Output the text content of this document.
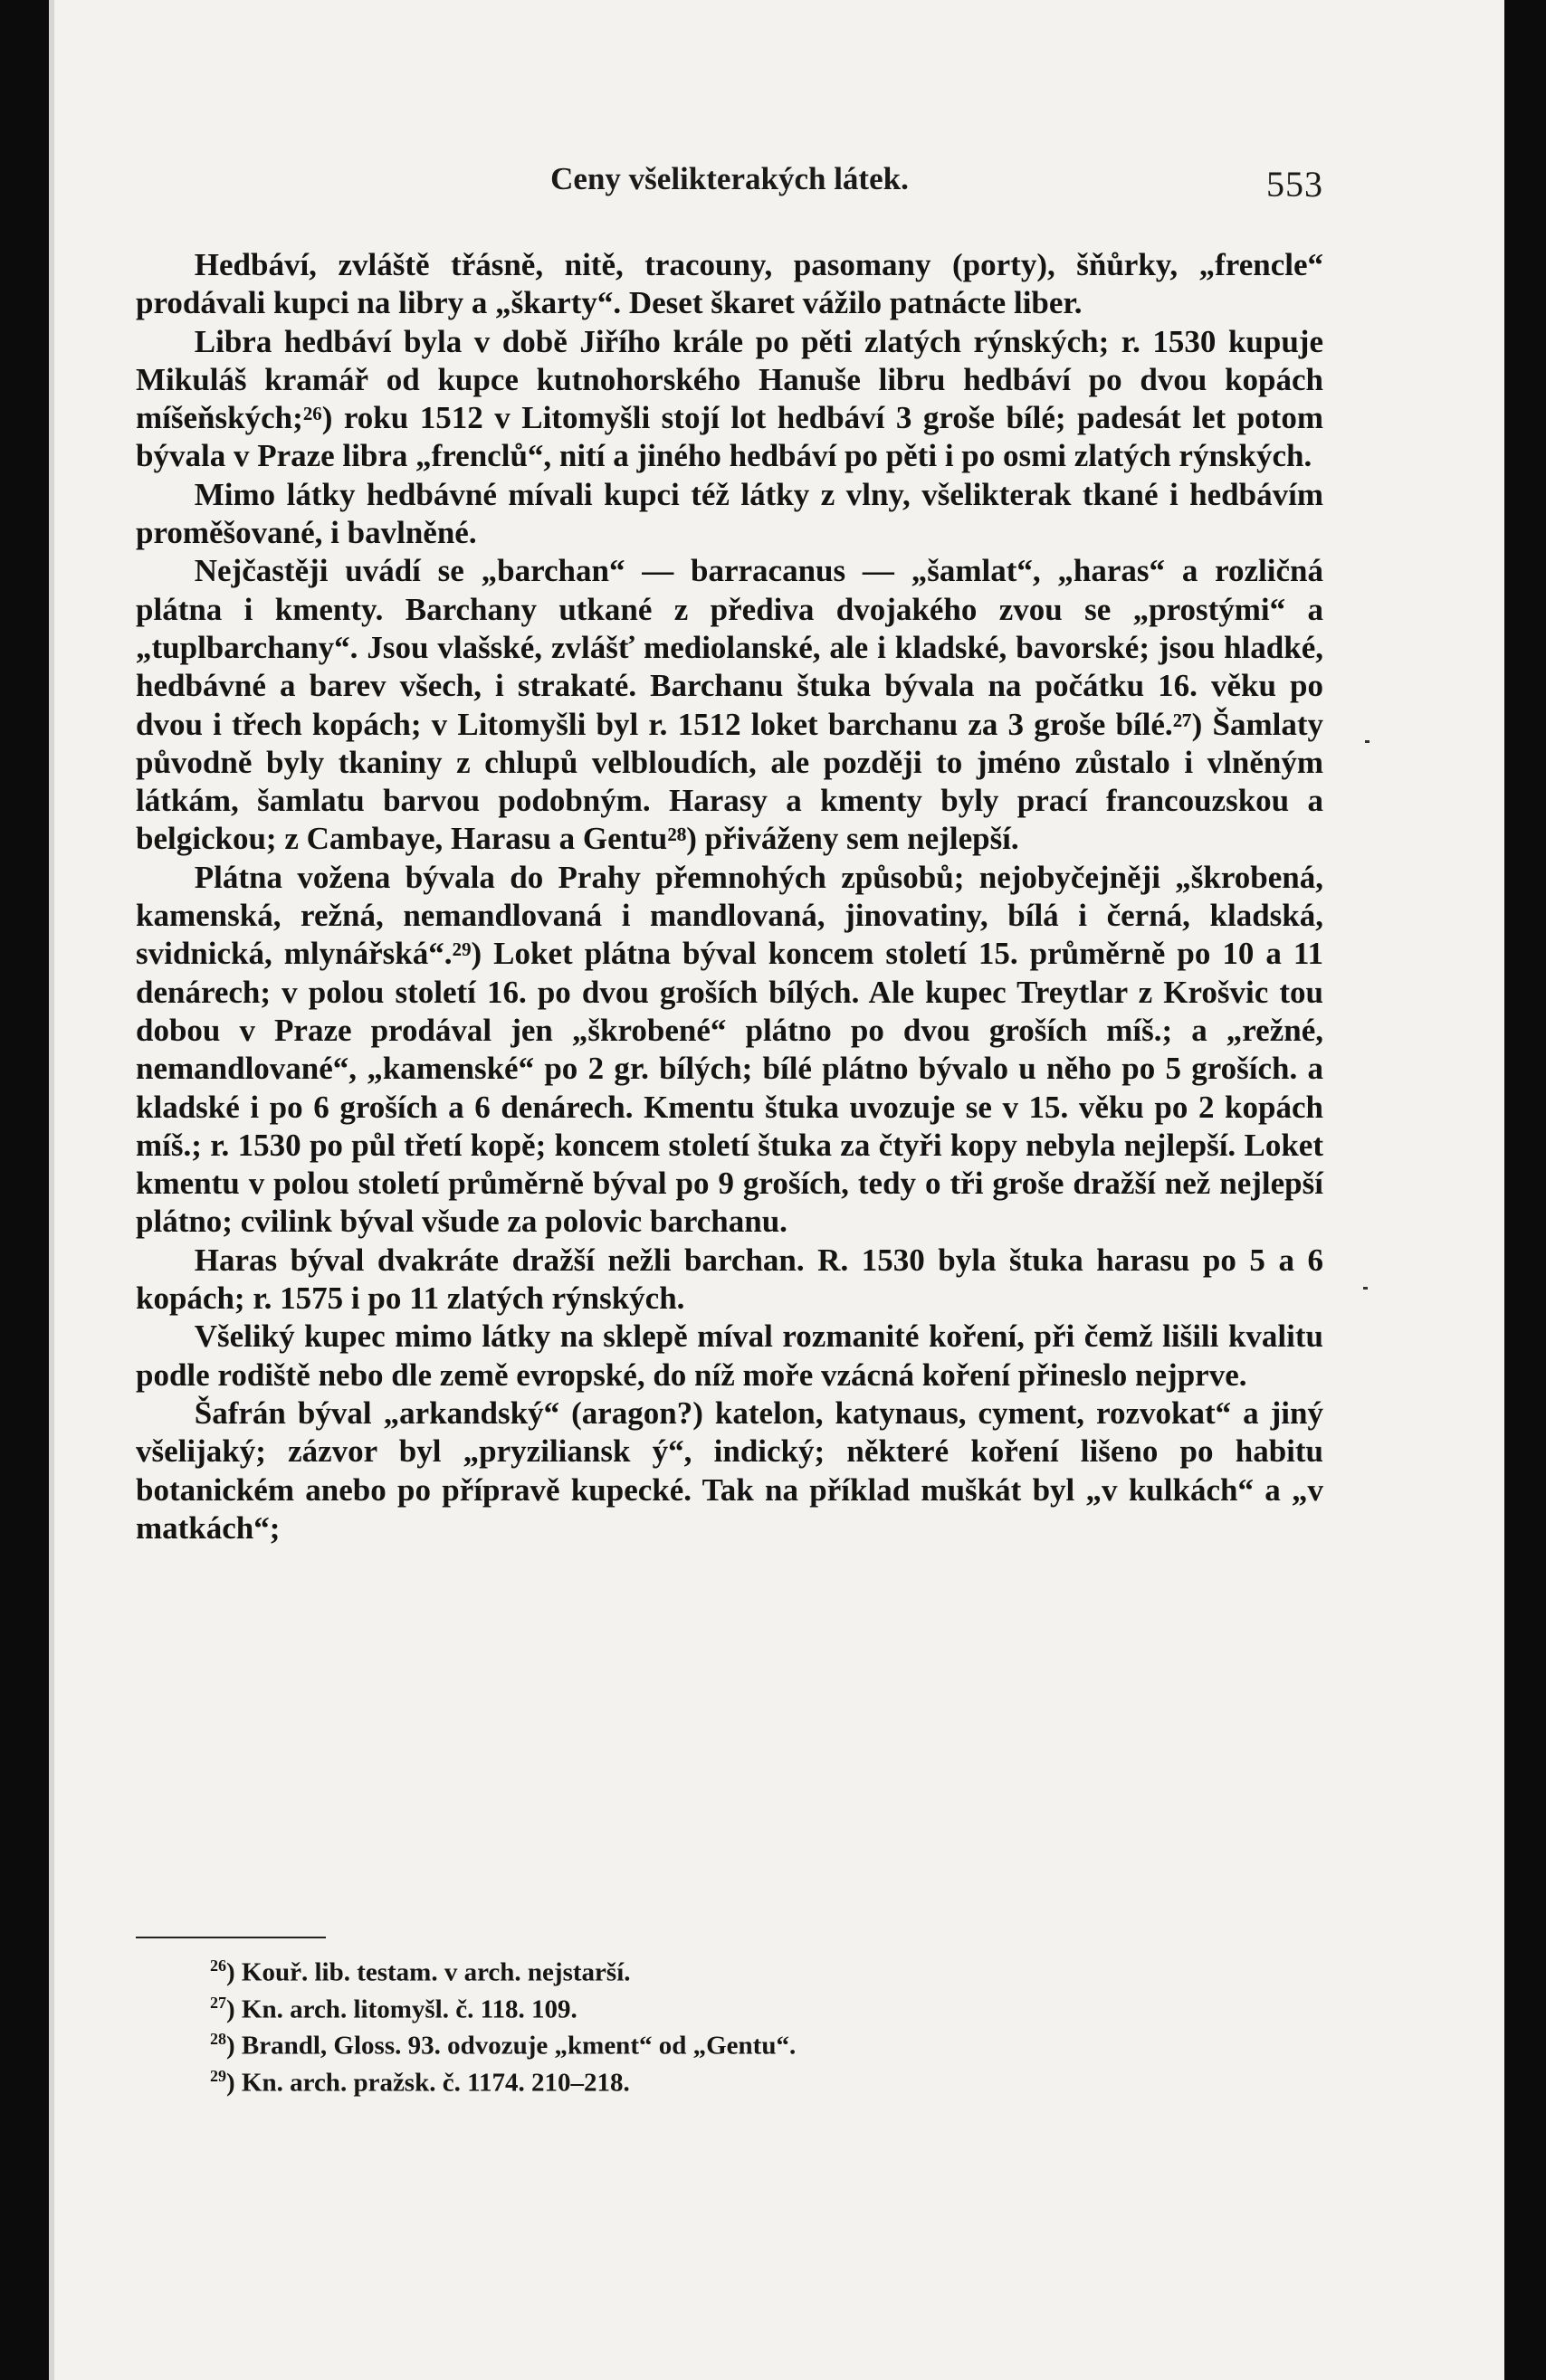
Ceny všelikterakých látek.	553

Hedbáví, zvláště třásně, nitě, tracouny, pasomany (porty), šňůrky, „frencle“ prodávali kupci na libry a „škarty“. Deset škaret vážilo patnácte liber.

Libra hedbáví byla v době Jiřího krále po pěti zlatých rýnských; r. 1530 kupuje Mikuláš kramář od kupce kutnohorského Hanuše libru hedbáví po dvou kopách míšeňských;²⁶) roku 1512 v Litomyšli stojí lot hedbáví 3 groše bílé; padesát let potom bývala v Praze libra „frenclů“, nití a jiného hedbáví po pěti i po osmi zlatých rýnských.

Mimo látky hedbávné mívali kupci též látky z vlny, všelikterak tkané i hedbávím proměšované, i bavlněné.

Nejčastěji uvádí se „barchan“ — barracanus — „šamlat“, „haras“ a rozličná plátna i kmenty. Barchany utkané z předivа dvojakého zvou se „prostými“ a „tuplbarchany“. Jsou vlašské, zvlášť mediolanské, ale i kladské, bavorské; jsou hladké, hedbávné a barev všech, i strakaté. Barchanu štuka bývala na počátku 16. věku po dvou i třech kopách; v Litomyšli byl r. 1512 loket barchanu za 3 groše bílé.²⁷) Šamlaty původně byly tkaniny z chlupů velbloudích, ale později to jméno zůstalo i vlněným látkám, šamlatu barvou podobným. Harasy a kmenty byly prací francouzskou a belgickou; z Cambaye, Harasu a Gentu²⁸) přiváženy sem nejlepší.

Plátna vožena bývala do Prahy přemnohých způsobů; nejobyčejněji „škrobená, kamenská, režná, nemandlovaná i mandlovaná, jinovatiny, bílá i černá, kladská, svidnická, mlynářská“.²⁹) Loket plátna býval koncem století 15. průměrně po 10 a 11 denárech; v polou století 16. po dvou groších bílých. Ale kupec Treytlar z Krošvic tou dobou v Praze prodával jen „škrobené“ plátno po dvou groších míš.; a „režné, nemandlované“, „kamenské“ po 2 gr. bílých; bílé plátno bývalo u něho po 5 groších. a kladské i po 6 groších a 6 denárech. Kmentu štuka uvozuje se v 15. věku po 2 kopách míš.; r. 1530 po půl třetí kopě; koncem století štuka za čtyři kopy nebyla nejlepší. Loket kmentu v polou století průměrně býval po 9 groších, tedy o tři groše dražší než nejlepší plátno; cvilink býval všude za polovic barchanu.

Haras býval dvakráte dražší nežli barchan. R. 1530 byla štuka harasu po 5 a 6 kopách; r. 1575 i po 11 zlatých rýnských.

Všeliký kupec mimo látky na sklepě míval rozmanité koření, při čemž lišili kvalitu podle rodiště nebo dle země evropské, do níž moře vzácná koření přineslo nejprve.

Šafrán býval „arkandský“ (aragon?) katelon, katynaus, cyment, rozvokat“ a jiný všelijaký; zázvor byl „pryziliansk ý“, indický; některé koření lišeno po habitu botanickém anebo po přípravě kupecké. Tak na příklad muškát byl „v kulkách“ a „v matkách“;

$^{26}$) Kouř. lib. testam. v arch. nejstarší.
$^{27}$) Kn. arch. litomyšl. č. 118. 109.
$^{28}$) Brandl, Gloss. 93. odvozuje „kment“ od „Gentu“.
$^{29}$) Kn. arch. pražsk. č. 1174. 210–218.
